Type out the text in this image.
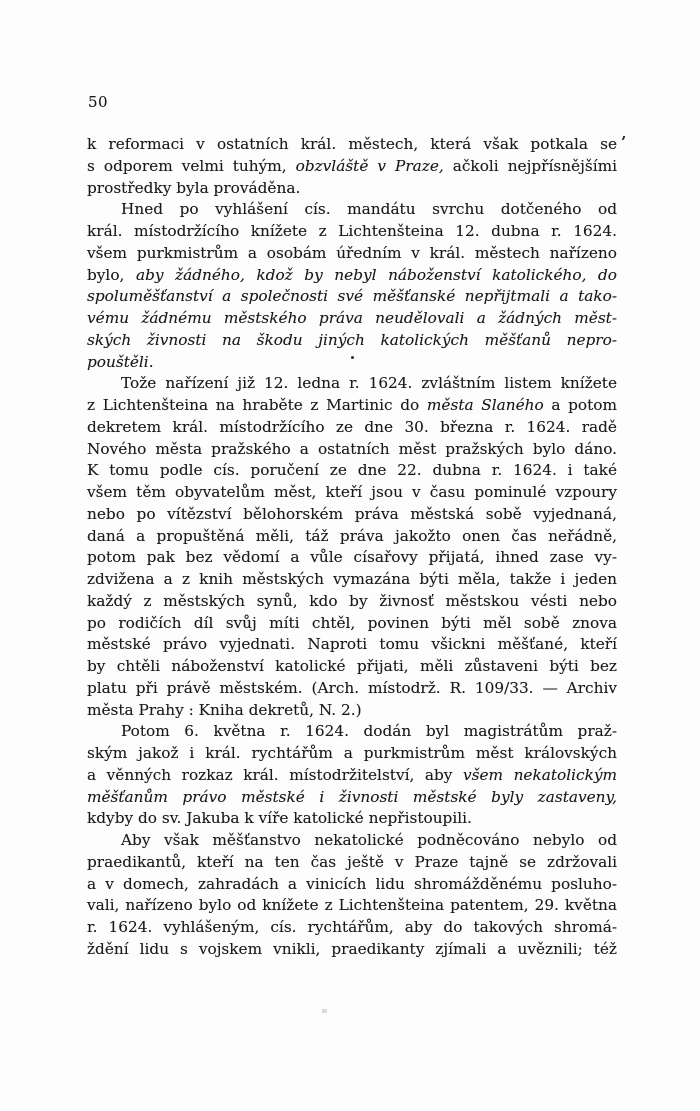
50
k reformaci v ostatních král. městech, která však potkala se
s odporem velmi tuhým, obzvláště v Praze, ačkoli nejpřísnějšími
prostředky byla prováděna.
Hned po vyhlášení cís. mandátu svrchu dotčeného od
král. místodržícího knížete z Lichtenšteina 12. dubna r. 1624.
všem purkmistrům a osobám úředním v král. městech nařízeno
bylo, aby žádného, kdož by nebyl náboženství katolického, do
spoluměšťanství a společnosti své měšťanské nepřijtmali a tako-
vému žádnému městského práva neudělovali a žádných měst-
ských živnosti na škodu jiných katolických měšťanů nepro-
pouštěli.
Tože nařízení již 12. ledna r. 1624. zvláštním listem knížete
z Lichtenšteina na hraběte z Martinic do města Slaného a potom
dekretem král. místodržícího ze dne 30. března r. 1624. radě
Nového města pražského a ostatních měst pražských bylo dáno.
K tomu podle cís. poručení ze dne 22. dubna r. 1624. i také
všem těm obyvatelům měst, kteří jsou v času pominulé vzpoury
nebo po vítězství bělohorském práva městská sobě vyjednaná,
daná a propuštěná měli, táž práva jakožto onen čas neřádně,
potom pak bez vědomí a vůle císařovy přijatá, ihned zase vy-
zdvižena a z knih městských vymazána býti měla, takže i jeden
každý z městských synů, kdo by živnosť městskou vésti nebo
po rodičích díl svůj míti chtěl, povinen býti měl sobě znova
městské právo vyjednati. Naproti tomu všickni měšťané, kteří
by chtěli náboženství katolické přijati, měli zůstaveni býti bez
platu při právě městském. (Arch. místodrž. R. 109/33. — Archiv
města Prahy : Kniha dekretů, N. 2.)
Potom 6. května r. 1624. dodán byl magistrátům praž-
ským jakož i král. rychtářům a purkmistrům měst královských
a věnných rozkaz král. místodržitelství, aby všem nekatolickým
měšťanům právo městské i živnosti městské byly zastaveny,
kdyby do sv. Jakuba k víře katolické nepřistoupili.
Aby však měšťanstvo nekatolické podněcováno nebylo od
praedikantů, kteří na ten čas ještě v Praze tajně se zdržovali
a v domech, zahradách a vinicích lidu shromážděnému posluho-
vali, nařízeno bylo od knížete z Lichtenšteina patentem, 29. května
r. 1624. vyhlášeným, cís. rychtářům, aby do takových shromá-
ždění lidu s vojskem vnikli, praedikanty zjímali a uvěznili; též
’
